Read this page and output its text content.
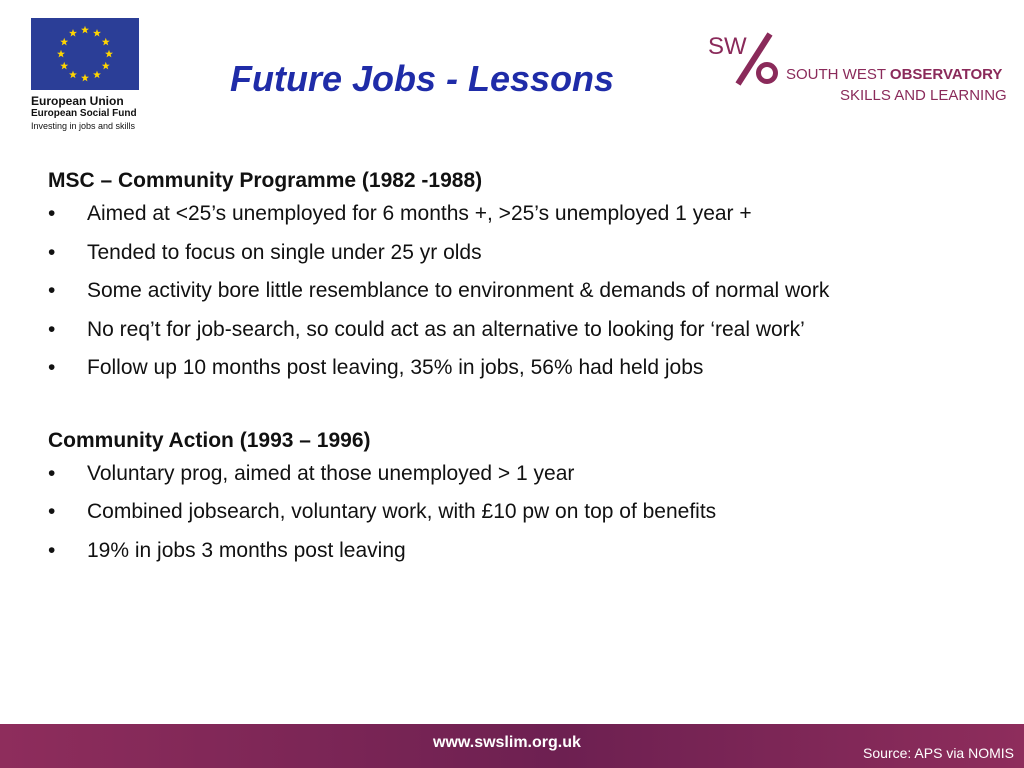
European Union
European Social Fund
Investing in jobs and skills
Future Jobs - Lessons
SW
SOUTH WEST OBSERVATORY
SKILLS AND LEARNING

MSC – Community Programme (1982 -1988)

• Aimed at <25’s unemployed for 6 months +, >25’s unemployed 1 year +
• Tended to focus on single under 25 yr olds
• Some activity bore little resemblance to environment & demands of normal work
• No req’t for job-search, so could act as an alternative to looking for ‘real work’
• Follow up 10 months post leaving, 35% in jobs, 56% had held jobs

Community Action (1993 – 1996)

• Voluntary prog, aimed at those unemployed > 1 year
• Combined jobsearch, voluntary work, with £10 pw on top of benefits
• 19% in jobs 3 months post leaving
www.swslim.org.uk
Source: APS via NOMIS
